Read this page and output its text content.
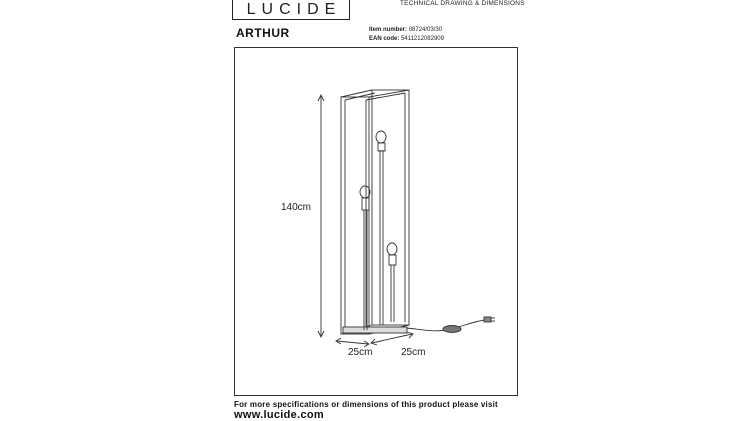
LUCIDE	TECHNICAL DRAWING & DIMENSIONS
ARTHUR	Item number: 08724/03/30
EAN code: 5411212082909
140cm
25cm	25cm
For more specifications or dimensions of this product please visit
www.lucide.com
